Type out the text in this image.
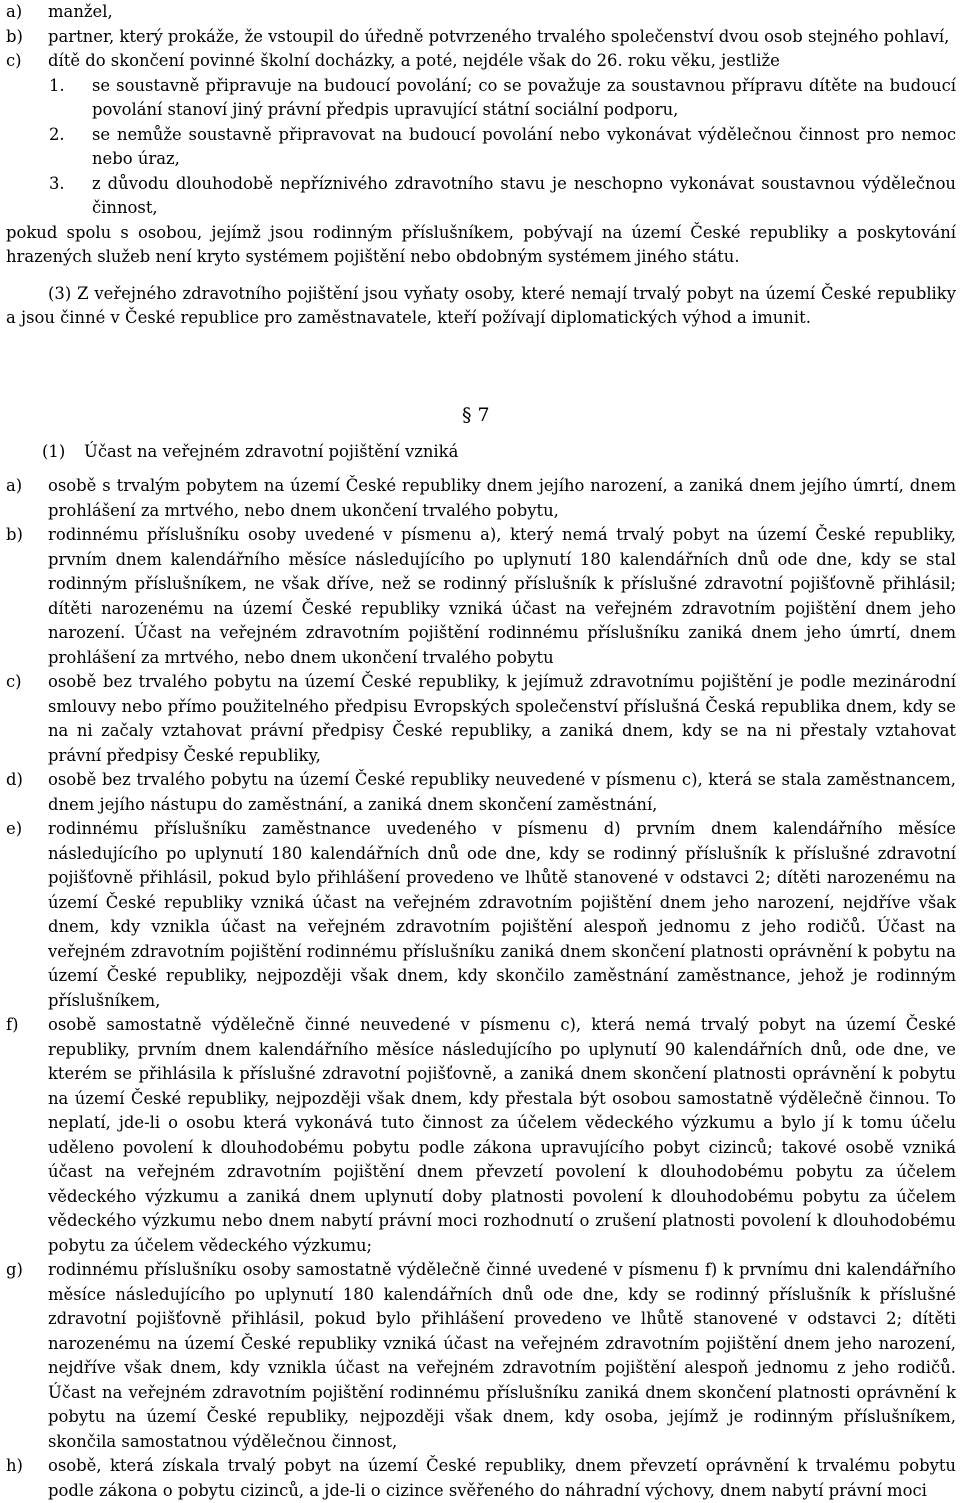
a) manžel,
b) partner, který prokáže, že vstoupil do úředně potvrzeného trvalého společenství dvou osob stejného pohlaví,
c) dítě do skončení povinné školní docházky, a poté, nejdéle však do 26. roku věku, jestliže
1. se soustavně připravuje na budoucí povolání; co se považuje za soustavnou přípravu dítěte na budoucí povolání stanoví jiný právní předpis upravující státní sociální podporu,
2. se nemůže soustavně připravovat na budoucí povolání nebo vykonávat výdělečnou činnost pro nemoc nebo úraz,
3. z důvodu dlouhodobě nepříznivého zdravotního stavu je neschopno vykonávat soustavnou výdělečnou činnost,
pokud spolu s osobou, jejímž jsou rodinným příslušníkem, pobývají na území České republiky a poskytování hrazených služeb není kryto systémem pojištění nebo obdobným systémem jiného státu.
(3) Z veřejného zdravotního pojištění jsou vyňaty osoby, které nemají trvalý pobyt na území České republiky a jsou činné v České republice pro zaměstnavatele, kteří požívají diplomatických výhod a imunit.
§ 7
(1) Účast na veřejném zdravotní pojištění vzniká
a) osobě s trvalým pobytem na území České republiky dnem jejího narození, a zaniká dnem jejího úmrtí, dnem prohlášení za mrtvého, nebo dnem ukončení trvalého pobytu,
b) rodinnému příslušníku osoby uvedené v písmenu a), který nemá trvalý pobyt na území České republiky, prvním dnem kalendářního měsíce následujícího po uplynutí 180 kalendářních dnů ode dne, kdy se stal rodinným příslušníkem, ne však dříve, než se rodinný příslušník k příslušné zdravotní pojišťovně přihlásil; dítěti narozenému na území České republiky vzniká účast na veřejném zdravotním pojištění dnem jeho narození. Účast na veřejném zdravotním pojištění rodinnému příslušníku zaniká dnem jeho úmrtí, dnem prohlášení za mrtvého, nebo dnem ukončení trvalého pobytu
c) osobě bez trvalého pobytu na území České republiky, k jejímuž zdravotnímu pojištění je podle mezinárodní smlouvy nebo přímo použitelného předpisu Evropských společenství příslušná Česká republika dnem, kdy se na ni začaly vztahovat právní předpisy České republiky, a zaniká dnem, kdy se na ni přestaly vztahovat právní předpisy České republiky,
d) osobě bez trvalého pobytu na území České republiky neuvedené v písmenu c), která se stala zaměstnancem, dnem jejího nástupu do zaměstnání, a zaniká dnem skončení zaměstnání,
e) rodinnému příslušníku zaměstnance uvedeného v písmenu d) prvním dnem kalendářního měsíce následujícího po uplynutí 180 kalendářních dnů ode dne, kdy se rodinný příslušník k příslušné zdravotní pojišťovně přihlásil, pokud bylo přihlášení provedeno ve lhůtě stanovené v odstavci 2; dítěti narozenému na území České republiky vzniká účast na veřejném zdravotním pojištění dnem jeho narození, nejdříve však dnem, kdy vznikla účast na veřejném zdravotním pojištění alespoň jednomu z jeho rodičů. Účast na veřejném zdravotním pojištění rodinnému příslušníku zaniká dnem skončení platnosti oprávnění k pobytu na území České republiky, nejpozději však dnem, kdy skončilo zaměstnání zaměstnance, jehož je rodinným příslušníkem,
f) osobě samostatně výdělečně činné neuvedené v písmenu c), která nemá trvalý pobyt na území České republiky, prvním dnem kalendářního měsíce následujícího po uplynutí 90 kalendářních dnů, ode dne, ve kterém se přihlásila k příslušné zdravotní pojišťovně, a zaniká dnem skončení platnosti oprávnění k pobytu na území České republiky, nejpozději však dnem, kdy přestala být osobou samostatně výdělečně činnou. To neplatí, jde-li o osobu která vykonává tuto činnost za účelem vědeckého výzkumu a bylo jí k tomu účelu uděleno povolení k dlouhodobému pobytu podle zákona upravujícího pobyt cizinců; takové osobě vzniká účast na veřejném zdravotním pojištění dnem převzetí povolení k dlouhodobému pobytu za účelem vědeckého výzkumu a zaniká dnem uplynutí doby platnosti povolení k dlouhodobému pobytu za účelem vědeckého výzkumu nebo dnem nabytí právní moci rozhodnutí o zrušení platnosti povolení k dlouhodobému pobytu za účelem vědeckého výzkumu;
g) rodinnému příslušníku osoby samostatně výdělečně činné uvedené v písmenu f) k prvnímu dni kalendářního měsíce následujícího po uplynutí 180 kalendářních dnů ode dne, kdy se rodinný příslušník k příslušné zdravotní pojišťovně přihlásil, pokud bylo přihlášení provedeno ve lhůtě stanovené v odstavci 2; dítěti narozenému na území České republiky vzniká účast na veřejném zdravotním pojištění dnem jeho narození, nejdříve však dnem, kdy vznikla účast na veřejném zdravotním pojištění alespoň jednomu z jeho rodičů. Účast na veřejném zdravotním pojištění rodinnému příslušníku zaniká dnem skončení platnosti oprávnění k pobytu na území České republiky, nejpozději však dnem, kdy osoba, jejímž je rodinným příslušníkem, skončila samostatnou výdělečnou činnost,
h) osobě, která získala trvalý pobyt na území České republiky, dnem převzetí oprávnění k trvalému pobytu podle zákona o pobytu cizinců, a jde-li o cizince svěřeného do náhradní výchovy, dnem nabytí právní moci
